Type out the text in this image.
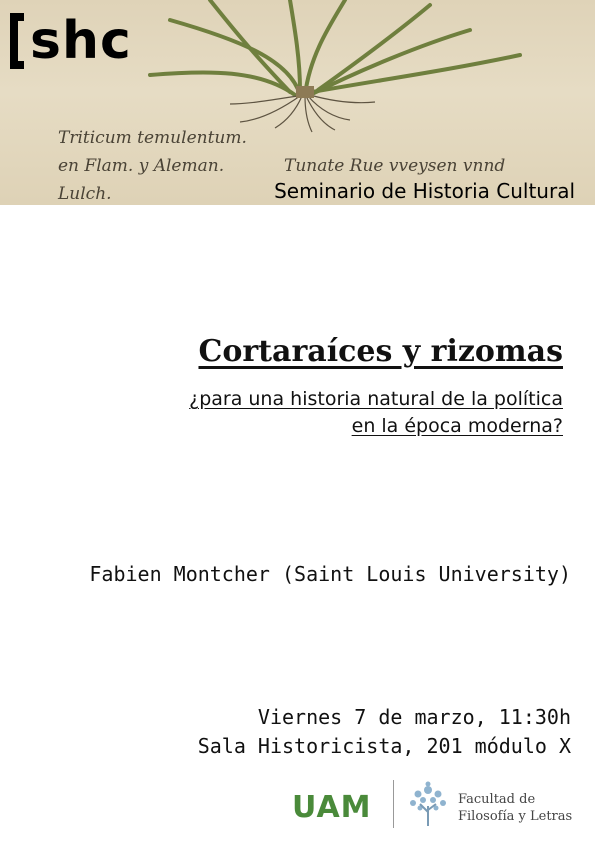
shc
Triticum temulentum.
en Flam. y Aleman.	Tunate Rue vveysen vnnd
Lulch.	Seminario de Historia Cultural
Cortaraíces y rizomas
¿para una historia natural de la política
en la época moderna?
Fabien Montcher (Saint Louis University)
Viernes 7 de marzo, 11:30h
Sala Historicista, 201 módulo X
UAM	Facultad de
Filosofía y Letras
